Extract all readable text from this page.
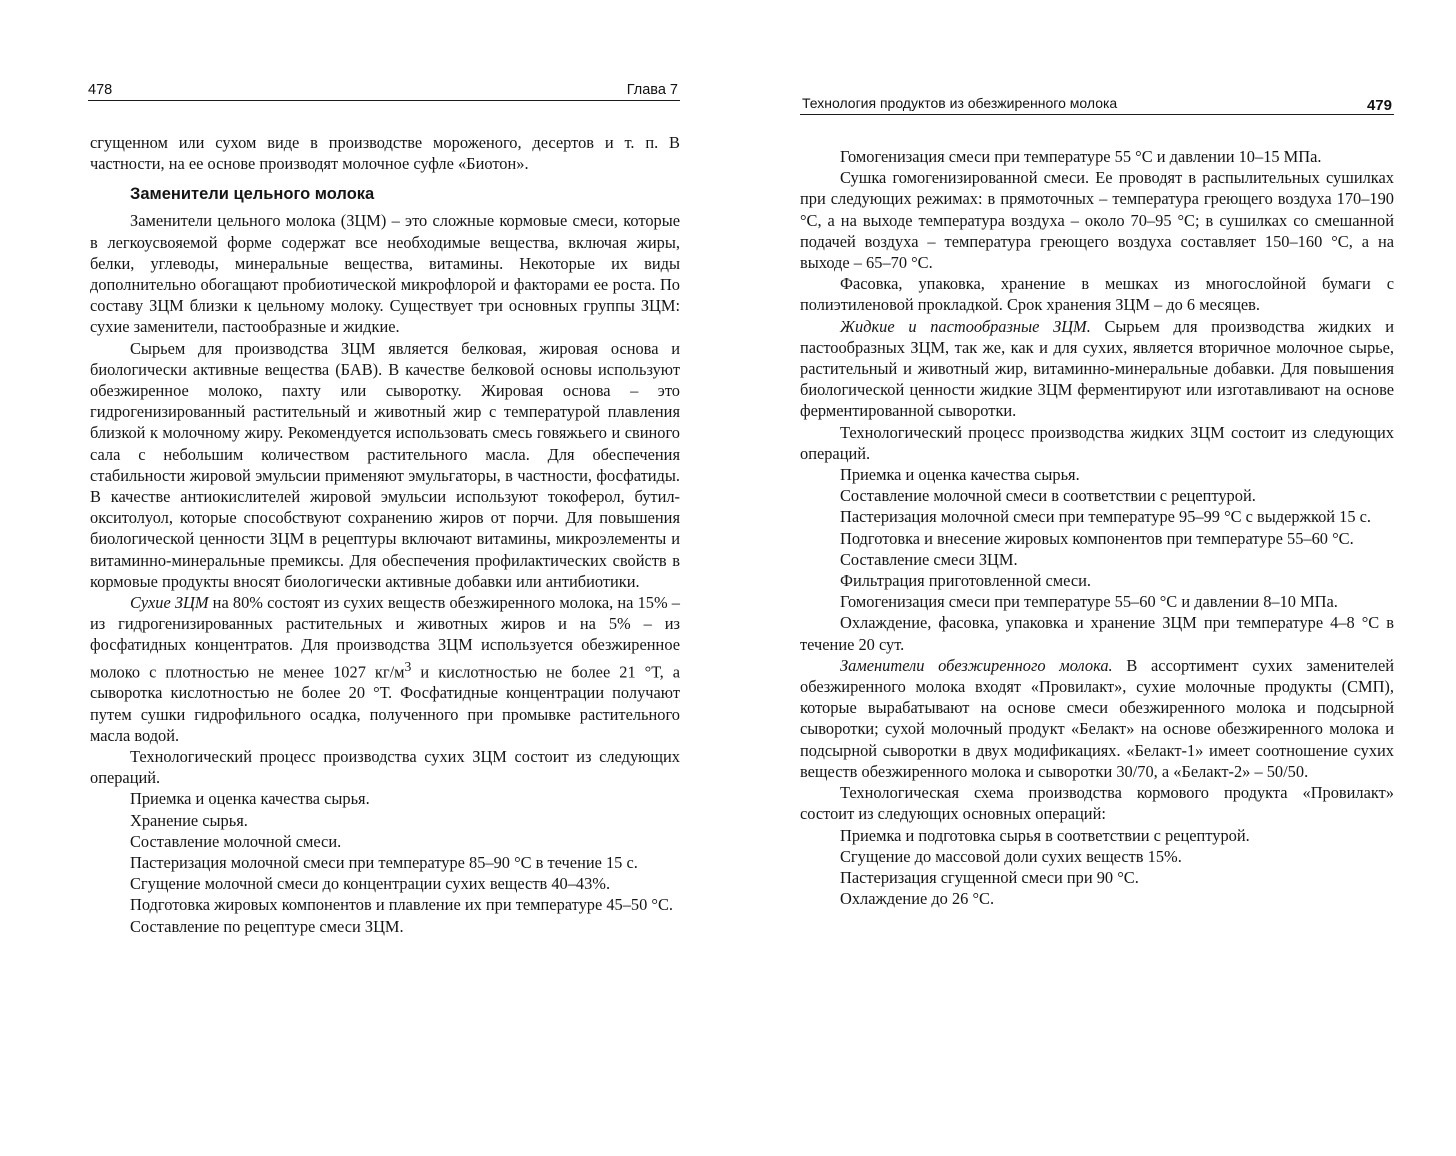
478	Глава 7

сгущенном или сухом виде в производстве мороженого, десертов и т. п. В частности, на ее основе производят молочное суфле «Биотон».

Заменители цельного молока

Заменители цельного молока (ЗЦМ) – это сложные кормовые смеси, которые в легкоусвояемой форме содержат все необходимые вещества, включая жиры, белки, углеводы, минеральные вещества, витамины. Некоторые их виды дополнительно обогащают пробиотической микрофлорой и факторами ее роста. По составу ЗЦМ близки к цельному молоку. Существует три основных группы ЗЦМ: сухие заменители, пастообразные и жидкие.

Сырьем для производства ЗЦМ является белковая, жировая основа и биологически активные вещества (БАВ). В качестве белковой основы используют обезжиренное молоко, пахту или сыворотку. Жировая основа – это гидрогенизированный растительный и животный жир с температурой плавления близкой к молочному жиру. Рекомендуется использовать смесь говяжьего и свиного сала с небольшим количеством растительного масла. Для обеспечения стабильности жировой эмульсии применяют эмульгаторы, в частности, фосфатиды. В качестве антиокислителей жировой эмульсии используют токоферол, бутил-окситолуол, которые способствуют сохранению жиров от порчи. Для повышения биологической ценности ЗЦМ в рецептуры включают витамины, микроэлементы и витаминно-минеральные премиксы. Для обеспечения профилактических свойств в кормовые продукты вносят биологически активные добавки или антибиотики.

Сухие ЗЦМ на 80% состоят из сухих веществ обезжиренного молока, на 15% – из гидрогенизированных растительных и животных жиров и на 5% – из фосфатидных концентратов. Для производства ЗЦМ используется обезжиренное молоко с плотностью не менее 1027 $кг/м^3$ и кислотностью не более 21 °Т, а сыворотка кислотностью не более 20 °Т. Фосфатидные концентрации получают путем сушки гидрофильного осадка, полученного при промывке растительного масла водой.

Технологический процесс производства сухих ЗЦМ состоит из следующих операций.

Приемка и оценка качества сырья.

Хранение сырья.

Составление молочной смеси.

Пастеризация молочной смеси при температуре 85–90 °С в течение 15 с.

Сгущение молочной смеси до концентрации сухих веществ 40–43%.

Подготовка жировых компонентов и плавление их при температуре 45–50 °С.

Составление по рецептуре смеси ЗЦМ.

Технология продуктов из обезжиренного молока	479

Гомогенизация смеси при температуре 55 °С и давлении 10–15 МПа.

Сушка гомогенизированной смеси. Ее проводят в распылительных сушилках при следующих режимах: в прямоточных – температура греющего воздуха 170–190 °С, а на выходе температура воздуха – около 70–95 °С; в сушилках со смешанной подачей воздуха – температура греющего воздуха составляет 150–160 °С, а на выходе – 65–70 °С.

Фасовка, упаковка, хранение в мешках из многослойной бумаги с полиэтиленовой прокладкой. Срок хранения ЗЦМ – до 6 месяцев.

Жидкие и пастообразные ЗЦМ. Сырьем для производства жидких и пастообразных ЗЦМ, так же, как и для сухих, является вторичное молочное сырье, растительный и животный жир, витаминно-минеральные добавки. Для повышения биологической ценности жидкие ЗЦМ ферментируют или изготавливают на основе ферментированной сыворотки.

Технологический процесс производства жидких ЗЦМ состоит из следующих операций.

Приемка и оценка качества сырья.

Составление молочной смеси в соответствии с рецептурой.

Пастеризация молочной смеси при температуре 95–99 °С с выдержкой 15 с.

Подготовка и внесение жировых компонентов при температуре 55–60 °С.

Составление смеси ЗЦМ.

Фильтрация приготовленной смеси.

Гомогенизация смеси при температуре 55–60 °С и давлении 8–10 МПа.

Охлаждение, фасовка, упаковка и хранение ЗЦМ при температуре 4–8 °С в течение 20 сут.

Заменители обезжиренного молока. В ассортимент сухих заменителей обезжиренного молока входят «Провилакт», сухие молочные продукты (СМП), которые вырабатывают на основе смеси обезжиренного молока и подсырной сыворотки; сухой молочный продукт «Белакт» на основе обезжиренного молока и подсырной сыворотки в двух модификациях. «Белакт-1» имеет соотношение сухих веществ обезжиренного молока и сыворотки 30/70, а «Белакт-2» – 50/50.

Технологическая схема производства кормового продукта «Провилакт» состоит из следующих основных операций:

Приемка и подготовка сырья в соответствии с рецептурой.

Сгущение до массовой доли сухих веществ 15%.

Пастеризация сгущенной смеси при 90 °С.

Охлаждение до 26 °С.
